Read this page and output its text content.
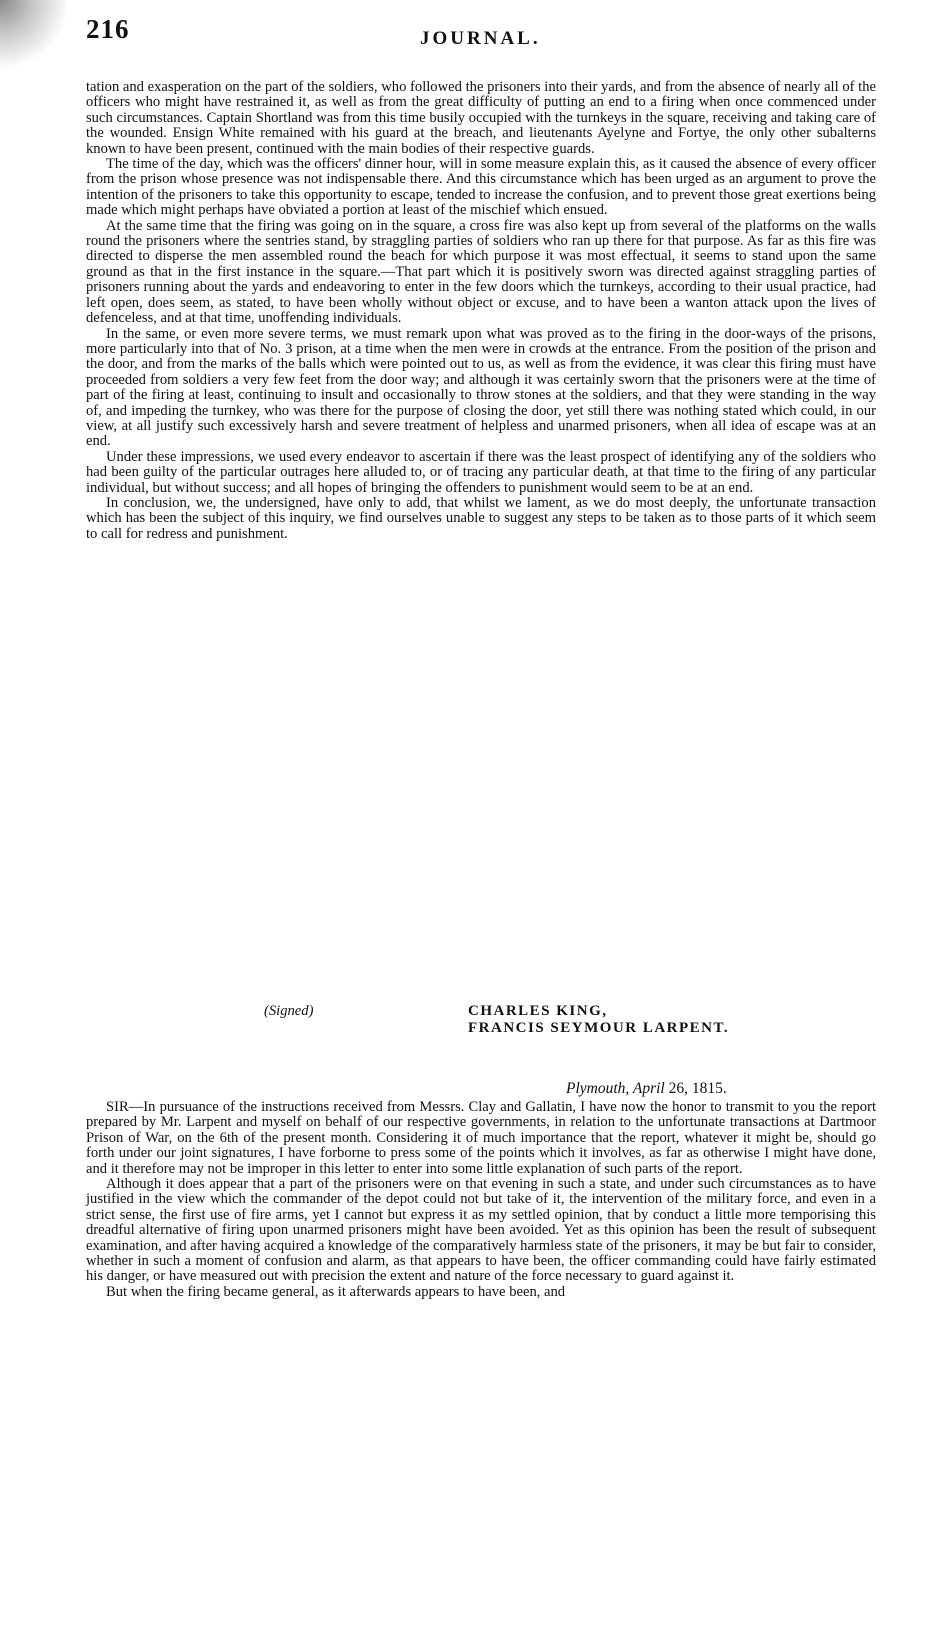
216	JOURNAL.

tation and exasperation on the part of the soldiers, who followed the prisoners into their yards, and from the absence of nearly all of the officers who might have restrained it, as well as from the great difficulty of putting an end to a firing when once commenced under such circumstances. Captain Shortland was from this time busily occupied with the turnkeys in the square, receiving and taking care of the wounded. Ensign White remained with his guard at the breach, and lieutenants Ayelyne and Fortye, the only other subalterns known to have been present, continued with the main bodies of their respective guards.

The time of the day, which was the officers' dinner hour, will in some measure explain this, as it caused the absence of every officer from the prison whose presence was not indispensable there. And this circumstance which has been urged as an argument to prove the intention of the prisoners to take this opportunity to escape, tended to increase the confusion, and to prevent those great exertions being made which might perhaps have obviated a portion at least of the mischief which ensued.

At the same time that the firing was going on in the square, a cross fire was also kept up from several of the platforms on the walls round the prisoners where the sentries stand, by straggling parties of soldiers who ran up there for that purpose. As far as this fire was directed to disperse the men assembled round the beach for which purpose it was most effectual, it seems to stand upon the same ground as that in the first instance in the square.—That part which it is positively sworn was directed against straggling parties of prisoners running about the yards and endeavoring to enter in the few doors which the turnkeys, according to their usual practice, had left open, does seem, as stated, to have been wholly without object or excuse, and to have been a wanton attack upon the lives of defenceless, and at that time, unoffending individuals.

In the same, or even more severe terms, we must remark upon what was proved as to the firing in the door-ways of the prisons, more particularly into that of No. 3 prison, at a time when the men were in crowds at the entrance. From the position of the prison and the door, and from the marks of the balls which were pointed out to us, as well as from the evidence, it was clear this firing must have proceeded from soldiers a very few feet from the door way; and although it was certainly sworn that the prisoners were at the time of part of the firing at least, continuing to insult and occasionally to throw stones at the soldiers, and that they were standing in the way of, and impeding the turnkey, who was there for the purpose of closing the door, yet still there was nothing stated which could, in our view, at all justify such excessively harsh and severe treatment of helpless and unarmed prisoners, when all idea of escape was at an end.

Under these impressions, we used every endeavor to ascertain if there was the least prospect of identifying any of the soldiers who had been guilty of the particular outrages here alluded to, or of tracing any particular death, at that time to the firing of any particular individual, but without success; and all hopes of bringing the offenders to punishment would seem to be at an end.

In conclusion, we, the undersigned, have only to add, that whilst we lament, as we do most deeply, the unfortunate transaction which has been the subject of this inquiry, we find ourselves unable to suggest any steps to be taken as to those parts of it which seem to call for redress and punishment.

(Signed)	CHARLES KING,
FRANCIS SEYMOUR LARPENT.
Plymouth, April 26, 1815.

SIR—In pursuance of the instructions received from Messrs. Clay and Gallatin, I have now the honor to transmit to you the report prepared by Mr. Larpent and myself on behalf of our respective governments, in relation to the unfortunate transactions at Dartmoor Prison of War, on the 6th of the present month. Considering it of much importance that the report, whatever it might be, should go forth under our joint signatures, I have forborne to press some of the points which it involves, as far as otherwise I might have done, and it therefore may not be improper in this letter to enter into some little explanation of such parts of the report.

Although it does appear that a part of the prisoners were on that evening in such a state, and under such circumstances as to have justified in the view which the commander of the depot could not but take of it, the intervention of the military force, and even in a strict sense, the first use of fire arms, yet I cannot but express it as my settled opinion, that by conduct a little more temporising this dreadful alternative of firing upon unarmed prisoners might have been avoided. Yet as this opinion has been the result of subsequent examination, and after having acquired a knowledge of the comparatively harmless state of the prisoners, it may be but fair to consider, whether in such a moment of confusion and alarm, as that appears to have been, the officer commanding could have fairly estimated his danger, or have measured out with precision the extent and nature of the force necessary to guard against it.

But when the firing became general, as it afterwards appears to have been, and
